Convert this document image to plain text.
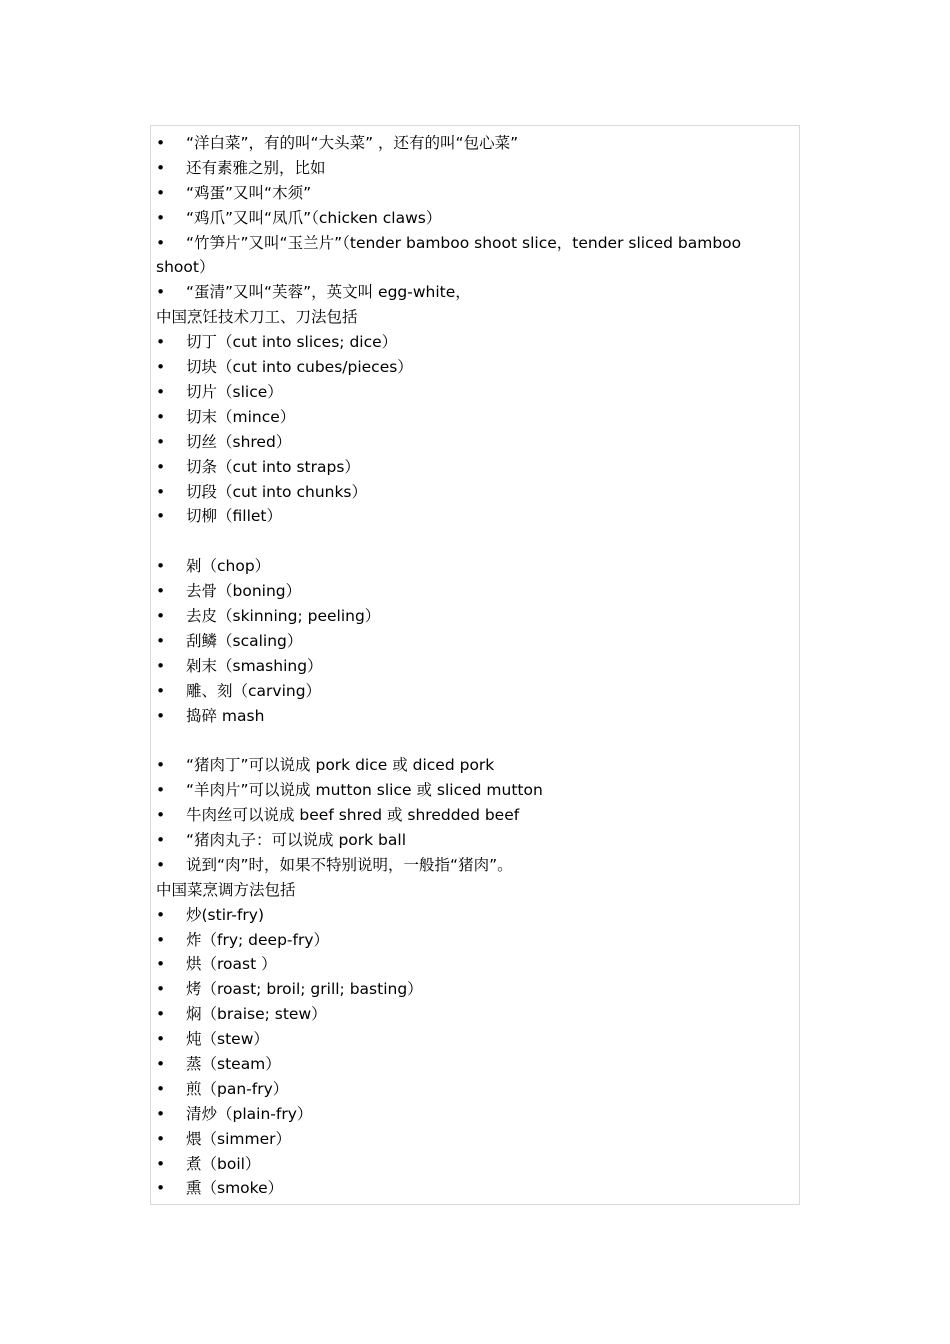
• “洋白菜”，有的叫“大头菜” ，还有的叫“包心菜”
• 还有素雅之别，比如
• “鸡蛋”又叫“木须”
• “鸡爪”又叫“凤爪”（chicken claws）
• “竹笋片”又叫“玉兰片”（tender bamboo shoot slice，tender sliced bamboo shoot）
• “蛋清”又叫“芙蓉”，英文叫 egg-white，
中国烹饪技术刀工、刀法包括
• 切丁（cut into slices; dice）
• 切块（cut into cubes/pieces）
• 切片（slice）
• 切末（mince）
• 切丝（shred）
• 切条（cut into straps）
• 切段（cut into chunks）
• 切柳（fillet）
• 剁（chop）
• 去骨（boning）
• 去皮（skinning; peeling）
• 刮鳞（scaling）
• 剁末（smashing）
• 雕、刻（carving）
• 捣碎 mash
• “猪肉丁”可以说成 pork dice 或 diced pork
• “羊肉片”可以说成 mutton slice 或 sliced mutton
• 牛肉丝可以说成 beef shred 或 shredded beef
• “猪肉丸子：可以说成 pork ball
• 说到“肉”时，如果不特别说明，一般指“猪肉”。
中国菜烹调方法包括
• 炒(stir-fry)
• 炸（fry; deep-fry）
• 烘（roast ）
• 烤（roast; broil; grill; basting）
• 焖（braise; stew）
• 炖（stew）
• 蒸（steam）
• 煎（pan-fry）
• 清炒（plain-fry）
• 煨（simmer）
• 煮（boil）
• 熏（smoke）
